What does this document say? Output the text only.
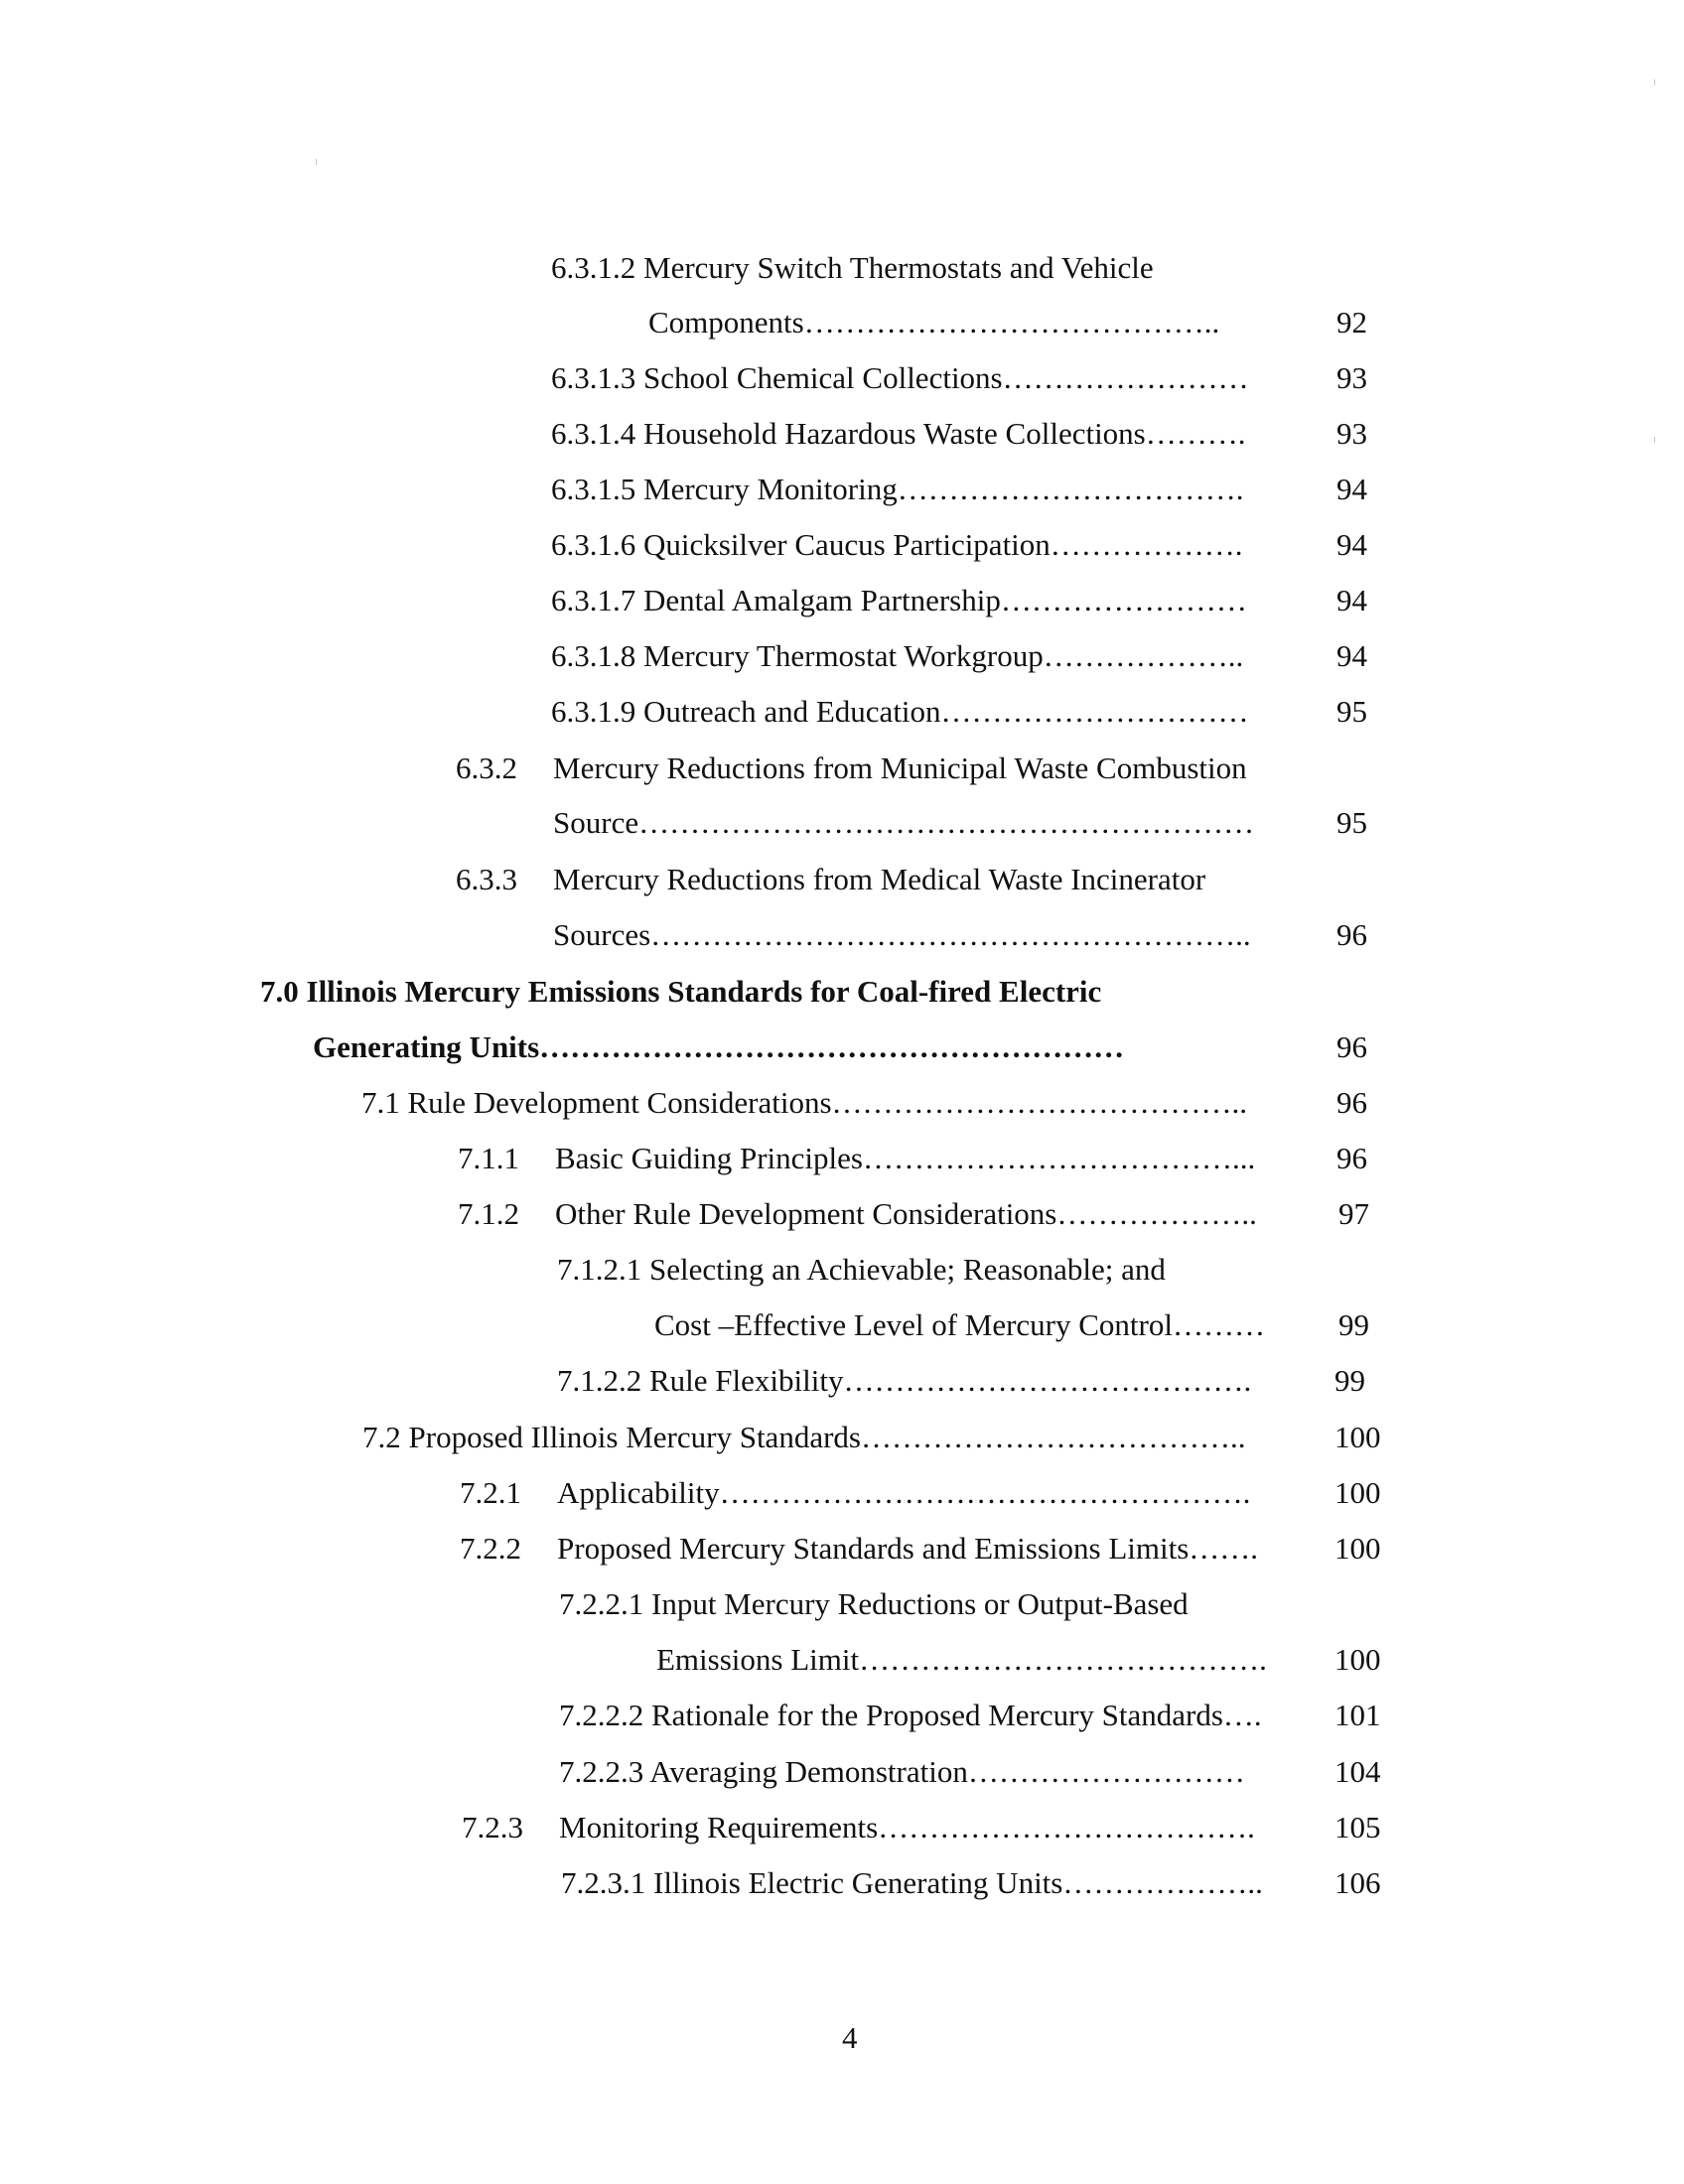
6.3.1.2 Mercury Switch Thermostats and Vehicle
Components…………………………………..	92
6.3.1.3 School Chemical Collections……………………	93
6.3.1.4 Household Hazardous Waste Collections……….	93
6.3.1.5 Mercury Monitoring…………………………….	94
6.3.1.6 Quicksilver Caucus Participation……………….	94
6.3.1.7 Dental Amalgam Partnership……………………	94
6.3.1.8 Mercury Thermostat Workgroup………………..	94
6.3.1.9 Outreach and Education…………………………	95
6.3.2	Mercury Reductions from Municipal Waste Combustion
Source……………………………………………………	95
6.3.3	Mercury Reductions from Medical Waste Incinerator
Sources…………………………………………………..	96
7.0 Illinois Mercury Emissions Standards for Coal-fired Electric
Generating Units…………………………………………………	96
7.1 Rule Development Considerations…………………………………..	96
7.1.1	Basic Guiding Principles………………………………...	96
7.1.2	Other Rule Development Considerations………………..	97
7.1.2.1 Selecting an Achievable; Reasonable; and
Cost –Effective Level of Mercury Control………	99
7.1.2.2 Rule Flexibility………………………………….	99
7.2 Proposed Illinois Mercury Standards………………………………..	100
7.2.1	Applicability…………………………………………….	100
7.2.2	Proposed Mercury Standards and Emissions Limits…….	100
7.2.2.1 Input Mercury Reductions or Output-Based
Emissions Limit………………………………….	100
7.2.2.2 Rationale for the Proposed Mercury Standards….	101
7.2.2.3 Averaging Demonstration………………………	104
7.2.3	Monitoring Requirements……………………………….	105
7.2.3.1 Illinois Electric Generating Units………………..	106
4
